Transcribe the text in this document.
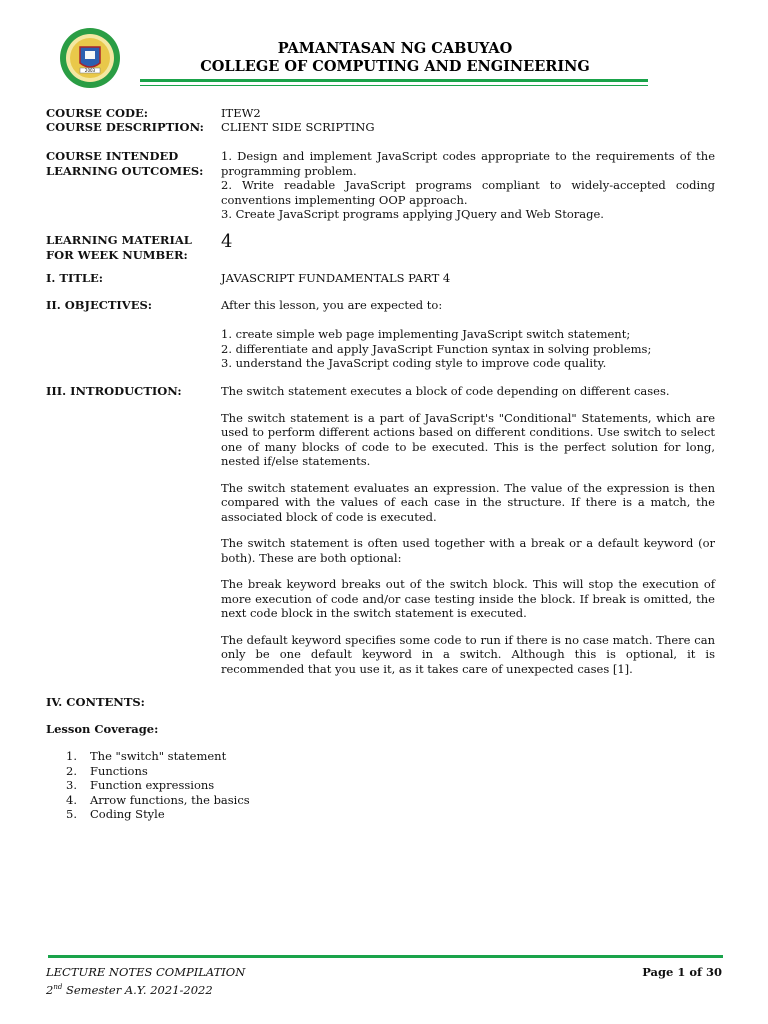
2003
PAMANTASAN NG CABUYAO
COLLEGE OF COMPUTING AND ENGINEERING
COURSE CODE:	ITEW2
COURSE DESCRIPTION: CLIENT SIDE SCRIPTING
COURSE INTENDED
LEARNING OUTCOMES:

1. Design and implement JavaScript codes appropriate to the requirements of the programming problem.

2. Write readable JavaScript programs compliant to widely-accepted coding conventions implementing OOP approach.

3. Create JavaScript programs applying JQuery and Web Storage.

LEARNING MATERIAL
FOR WEEK NUMBER:
4
I. TITLE:	JAVASCRIPT FUNDAMENTALS PART 4
II. OBJECTIVES:	After this lesson, you are expected to:
1. create simple web page implementing JavaScript switch statement;
2. differentiate and apply JavaScript Function syntax in solving problems;
3. understand the JavaScript coding style to improve code quality.
III. INTRODUCTION:	The switch statement executes a block of code depending on different cases.

The switch statement is a part of JavaScript's "Conditional" Statements, which are used to perform different actions based on different conditions. Use switch to select one of many blocks of code to be executed. This is the perfect solution for long, nested if/else statements.

The switch statement evaluates an expression. The value of the expression is then compared with the values of each case in the structure. If there is a match, the associated block of code is executed.

The switch statement is often used together with a break or a default keyword (or both). These are both optional:

The break keyword breaks out of the switch block. This will stop the execution of more execution of code and/or case testing inside the block. If break is omitted, the next code block in the switch statement is executed.

The default keyword specifies some code to run if there is no case match. There can only be one default keyword in a switch. Although this is optional, it is recommended that you use it, as it takes care of unexpected cases [1].

IV. CONTENTS:
Lesson Coverage:
1.	The "switch" statement
2.	Functions
3.	Function expressions
4.	Arrow functions, the basics
5.	Coding Style
LECTURE NOTES COMPILATION
2nd Semester A.Y. 2021-2022
Page 1 of 30
